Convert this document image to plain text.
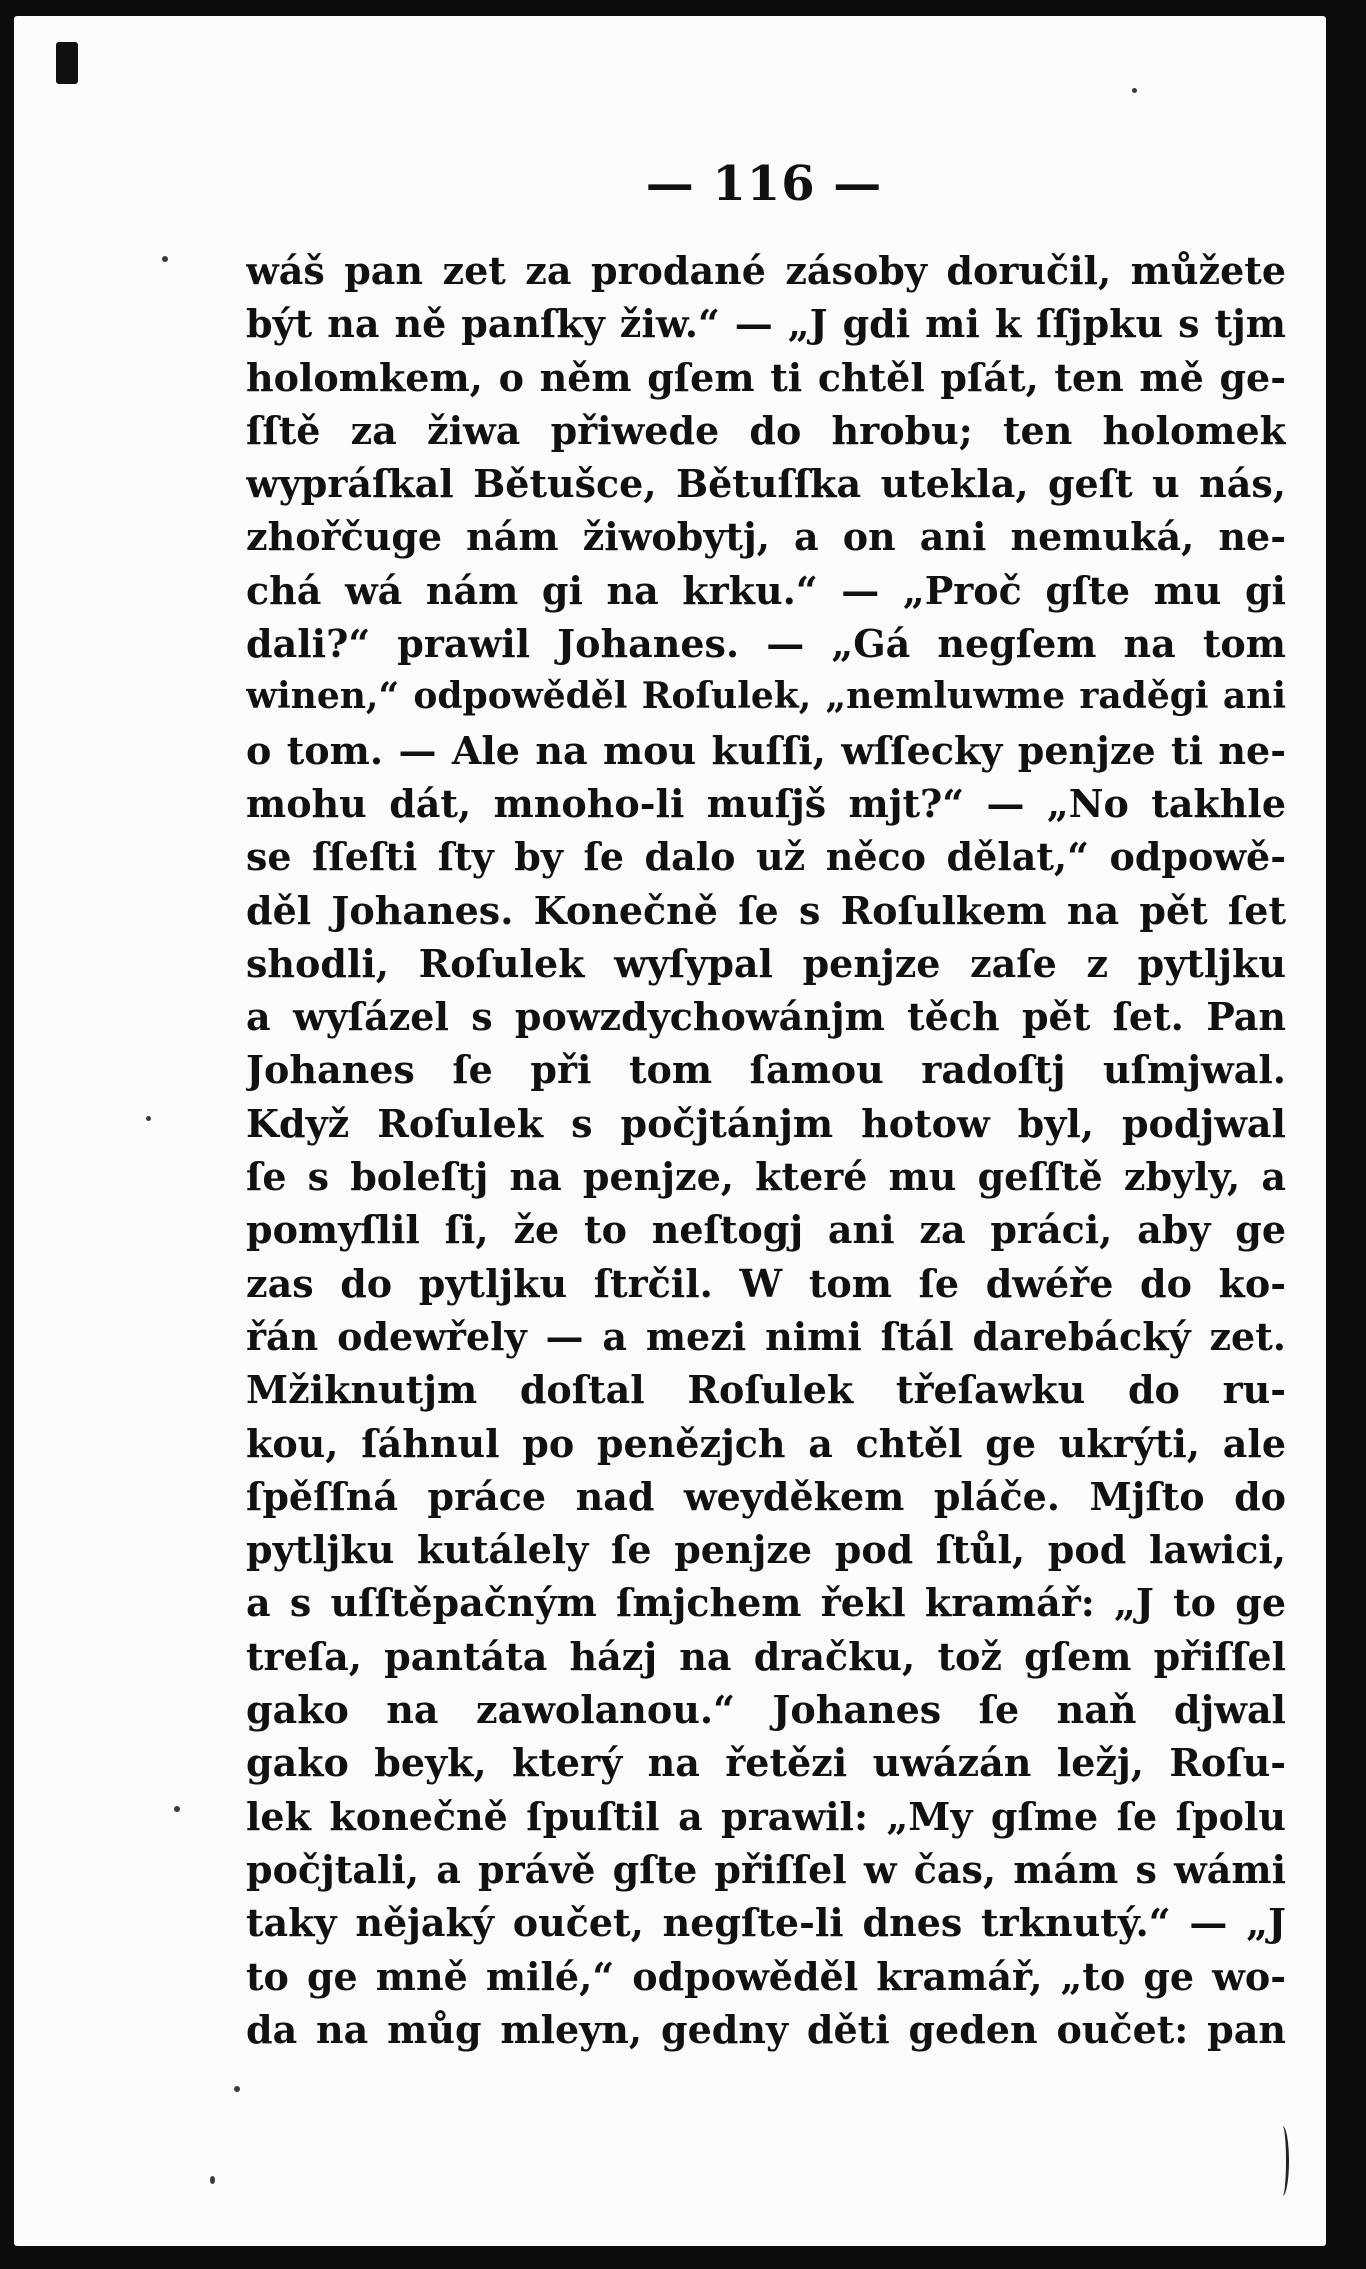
— 116 —
wáš pan zet za prodané zásoby doručil, můžete
být na ně panſky žiw.“ — „J gdi mi k ſſjpku s tjm
holomkem, o něm gſem ti chtěl pſát, ten mě ge-
ſſtě za žiwa přiwede do hrobu; ten holomek
wypráſkal Bětušce, Bětuſſka utekla, geſt u nás,
zhořčuge nám žiwobytj, a on ani nemuká, ne-
chá wá nám gi na krku.“ — „Proč gſte mu gi
dali?“ prawil Johanes. — „Gá negſem na tom
winen,“ odpowěděl Roſulek, „nemluwme raděgi ani
o tom. — Ale na mou kuſſi, wſſecky penjze ti ne-
mohu dát, mnoho-li muſjš mjt?“ — „No takhle
se ſſeſti ſty by ſe dalo už něco dělat,“ odpowě-
děl Johanes. Konečně ſe s Roſulkem na pět ſet
shodli, Roſulek wyſypal penjze zaſe z pytljku
a wyſázel s powzdychowánjm těch pět ſet. Pan
Johanes ſe při tom ſamou radoſtj uſmjwal.
Když Roſulek s počjtánjm hotow byl, podjwal
ſe s boleſtj na penjze, které mu geſſtě zbyly, a
pomyſlil ſi, že to neſtogj ani za práci, aby ge
zas do pytljku ſtrčil. W tom ſe dwéře do ko-
řán odewřely — a mezi nimi ſtál darebácký zet.
Mžiknutjm doſtal Roſulek třeſawku do ru-
kou, ſáhnul po penězjch a chtěl ge ukrýti, ale
ſpěſſná práce nad weyděkem pláče. Mjſto do
pytljku kutálely ſe penjze pod ſtůl, pod lawici,
a s uſſtěpačným ſmjchem řekl kramář: „J to ge
treſa, pantáta házj na dračku, tož gſem přiſſel
gako na zawolanou.“ Johanes ſe naň djwal
gako beyk, který na řetězi uwázán ležj, Roſu-
lek konečně ſpuſtil a prawil: „My gſme ſe ſpolu
počjtali, a právě gſte přiſſel w čas, mám s wámi
taky nějaký oučet, negſte-li dnes trknutý.“ — „J
to ge mně milé,“ odpowěděl kramář, „to ge wo-
da na můg mleyn, gedny děti geden oučet: pan
